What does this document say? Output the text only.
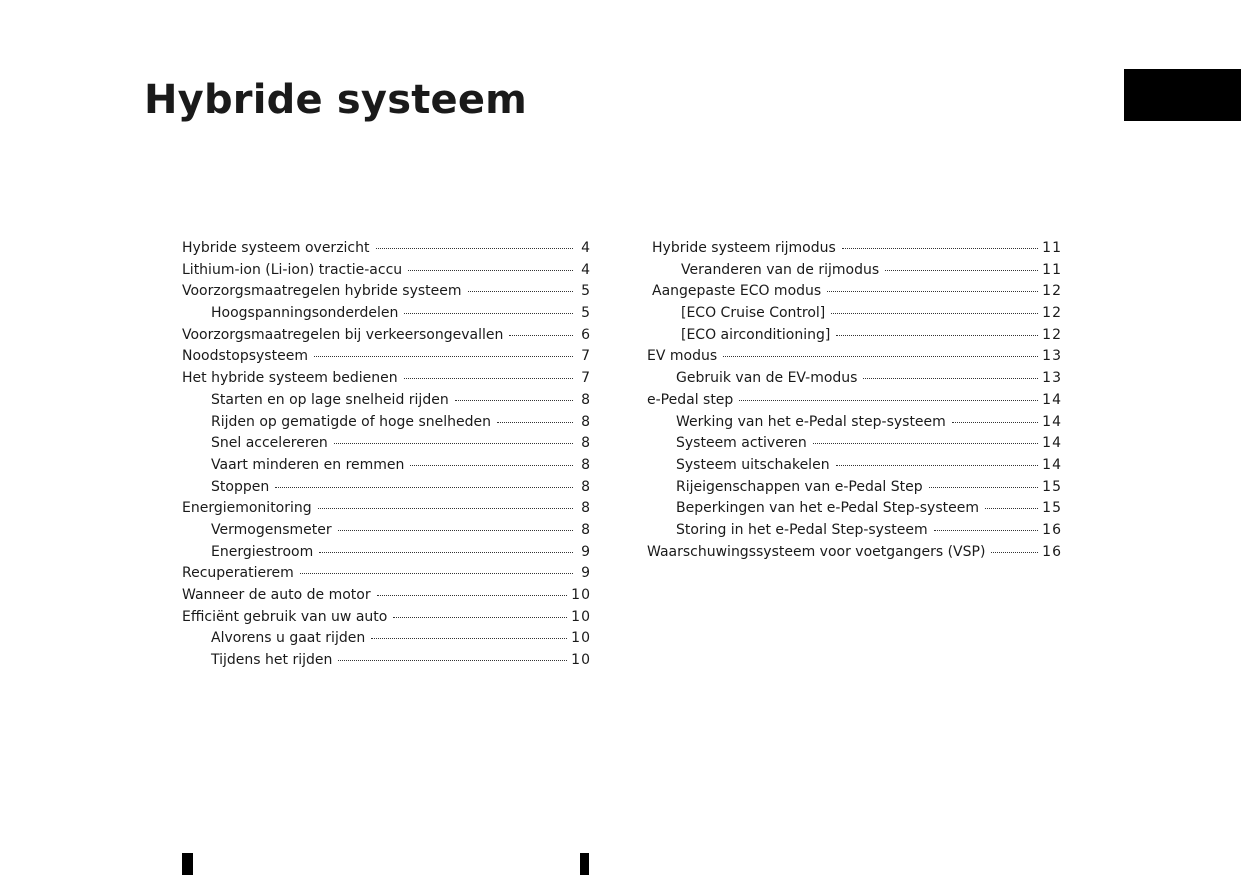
Hybride systeem
Hybride systeem overzicht	4
Lithium-ion (Li-ion) tractie-accu	4
Voorzorgsmaatregelen hybride systeem	5
Hoogspanningsonderdelen	5
Voorzorgsmaatregelen bij verkeersongevallen	6
Noodstopsysteem	7
Het hybride systeem bedienen	7
Starten en op lage snelheid rijden	8
Rijden op gematigde of hoge snelheden	8
Snel accelereren	8
Vaart minderen en remmen	8
Stoppen	8
Energiemonitoring	8
Vermogensmeter	8
Energiestroom	9
Recuperatierem	9
Wanneer de auto de motor	10
Efficiënt gebruik van uw auto	10
Alvorens u gaat rijden	10
Tijdens het rijden	10
Hybride systeem rijmodus	11
Veranderen van de rijmodus	11
Aangepaste ECO modus	12
[ECO Cruise Control]	12
[ECO airconditioning]	12
EV modus	13
Gebruik van de EV-modus	13
e-Pedal step	14
Werking van het e-Pedal step-systeem	14
Systeem activeren	14
Systeem uitschakelen	14
Rijeigenschappen van e-Pedal Step	15
Beperkingen van het e-Pedal Step-systeem	15
Storing in het e-Pedal Step-systeem	16
Waarschuwingssysteem voor voetgangers (VSP)	16
